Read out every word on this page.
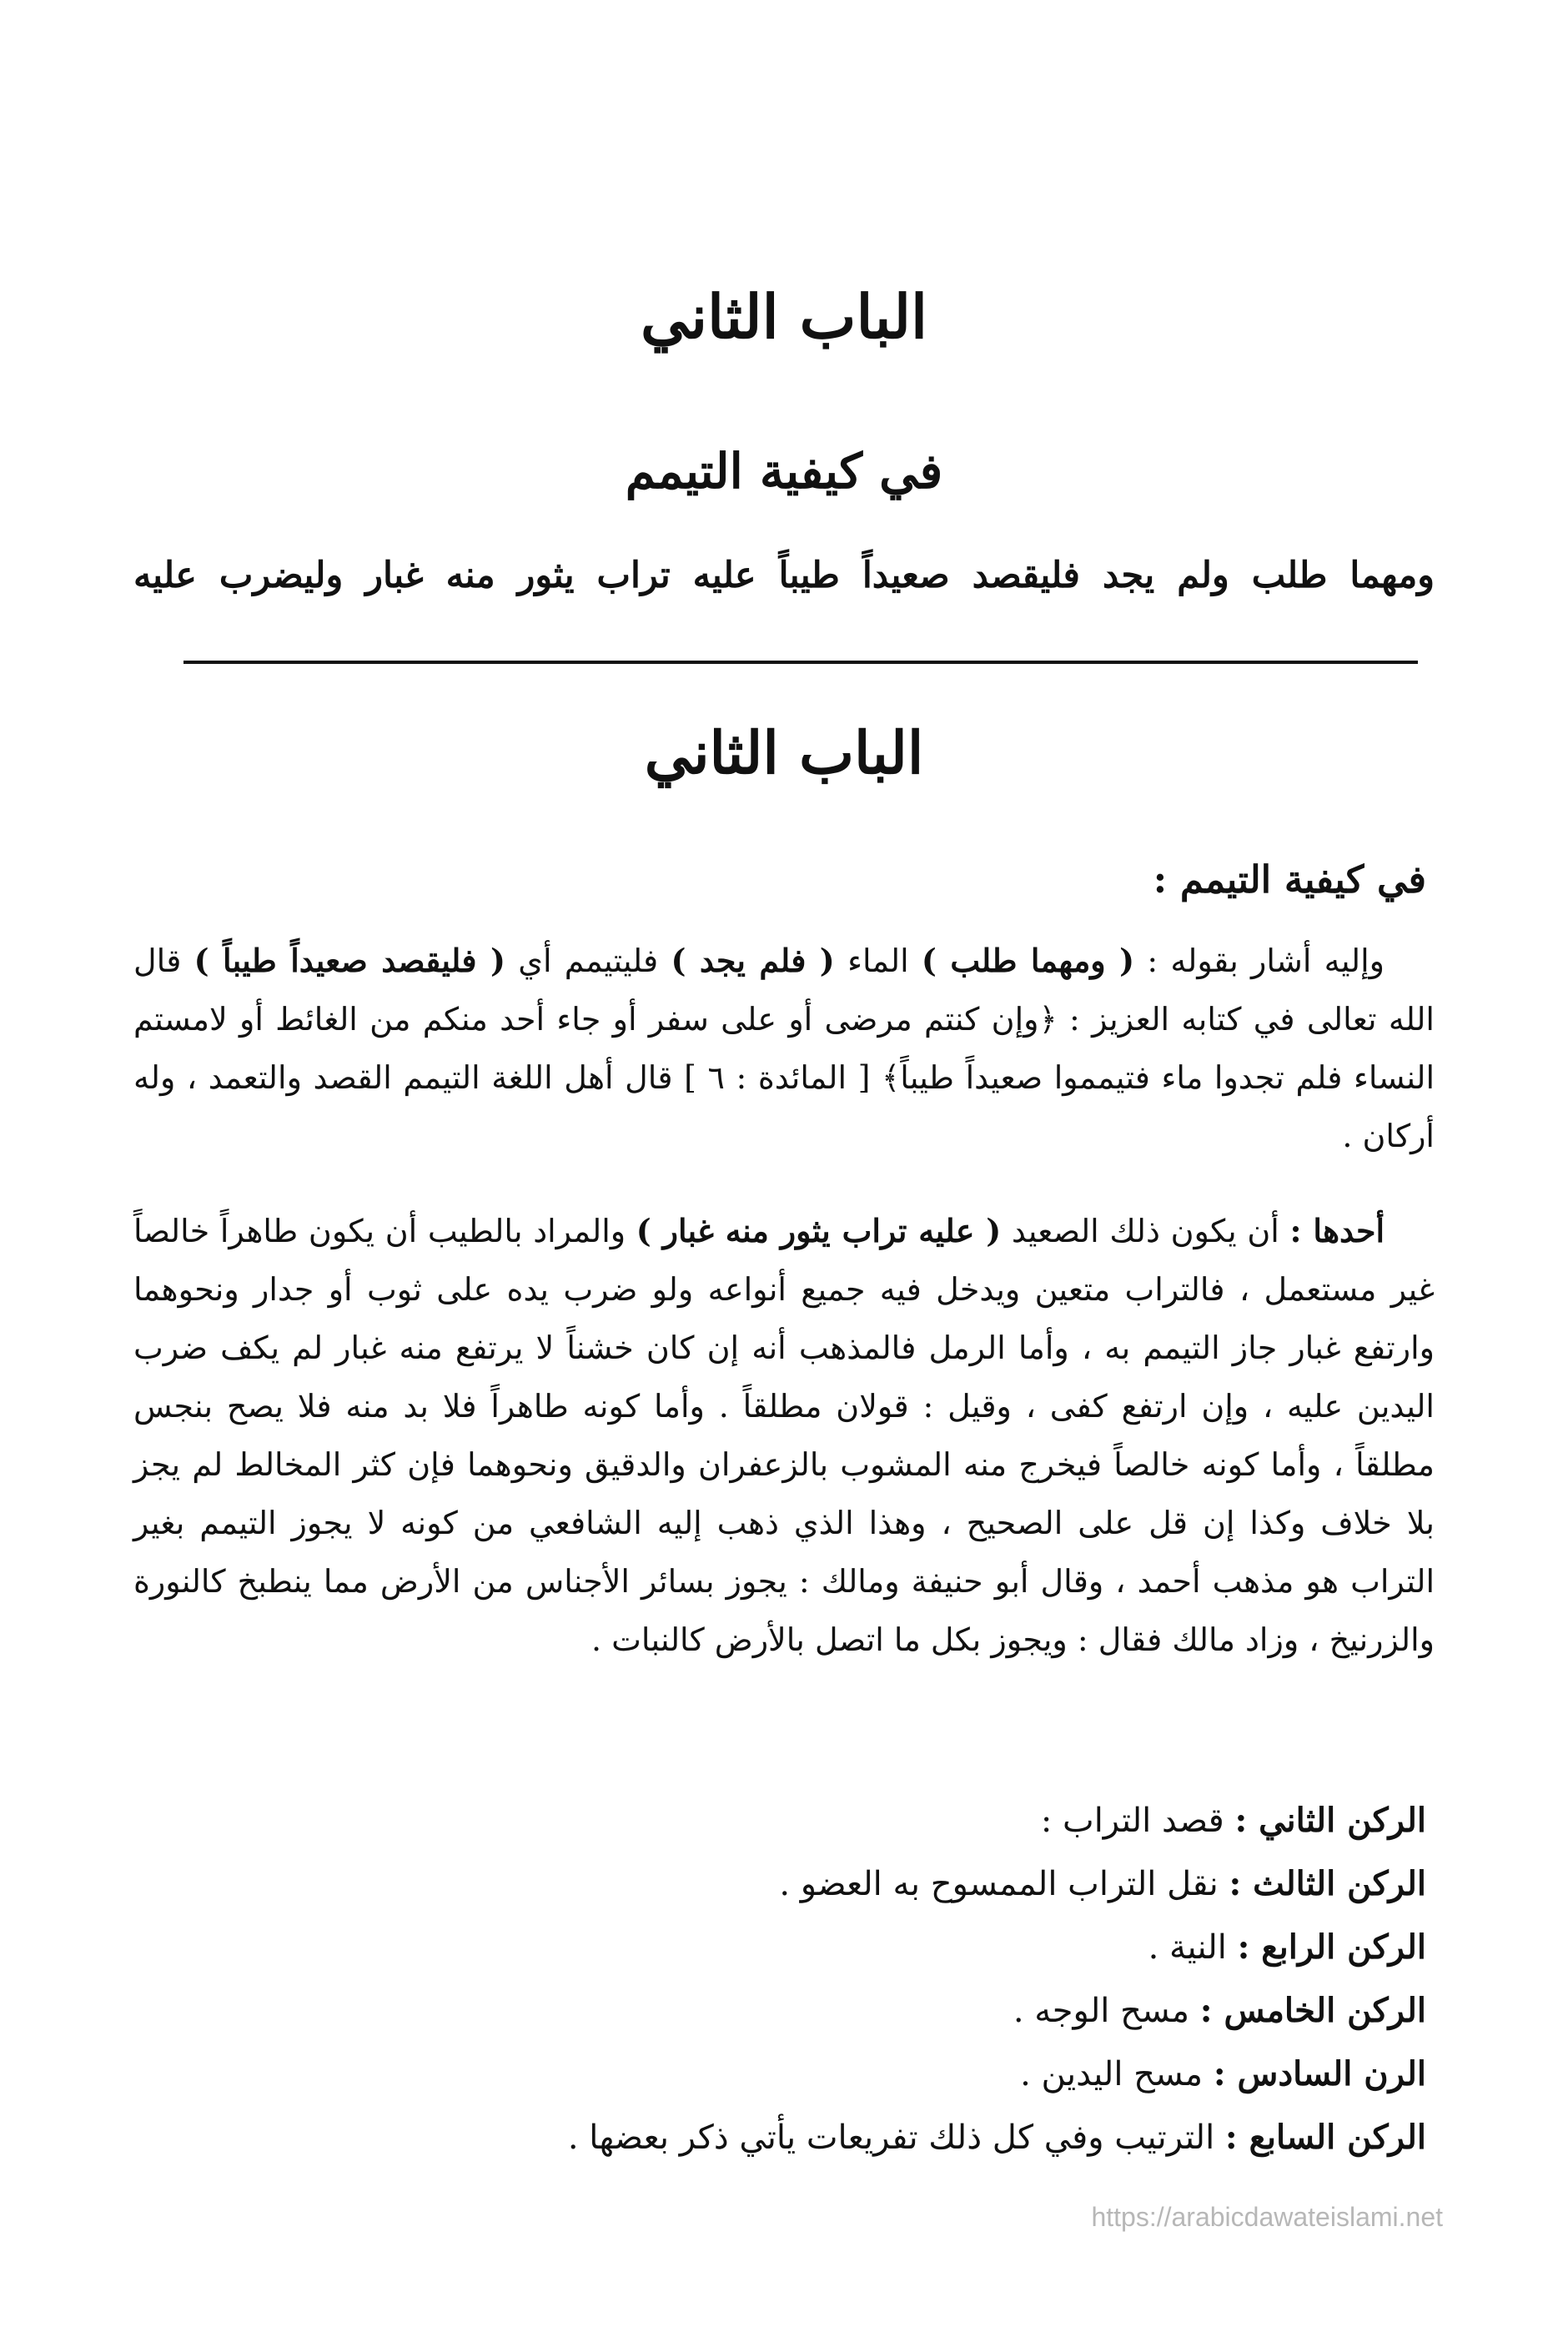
الباب الثاني
في كيفية التيمم
ومهما طلب ولم يجد فليقصد صعيداً طيباً عليه تراب يثور منه غبار وليضرب عليه
الباب الثاني
في كيفية التيمم :
وإليه أشار بقوله : ( ومهما طلب ) الماء ( فلم يجد ) فليتيمم أي ( فليقصد صعيداً طيباً ) قال الله تعالى في كتابه العزيز : ﴿وإن كنتم مرضى أو على سفر أو جاء أحد منكم من الغائط أو لامستم النساء فلم تجدوا ماء فتيمموا صعيداً طيباً﴾ [ المائدة : ٦ ] قال أهل اللغة التيمم القصد والتعمد ، وله أركان .
أحدها : أن يكون ذلك الصعيد ( عليه تراب يثور منه غبار ) والمراد بالطيب أن يكون طاهراً خالصاً غير مستعمل ، فالتراب متعين ويدخل فيه جميع أنواعه ولو ضرب يده على ثوب أو جدار ونحوهما وارتفع غبار جاز التيمم به ، وأما الرمل فالمذهب أنه إن كان خشناً لا يرتفع منه غبار لم يكف ضرب اليدين عليه ، وإن ارتفع كفى ، وقيل : قولان مطلقاً . وأما كونه طاهراً فلا بد منه فلا يصح بنجس مطلقاً ، وأما كونه خالصاً فيخرج منه المشوب بالزعفران والدقيق ونحوهما فإن كثر المخالط لم يجز بلا خلاف وكذا إن قل على الصحيح ، وهذا الذي ذهب إليه الشافعي من كونه لا يجوز التيمم بغير التراب هو مذهب أحمد ، وقال أبو حنيفة ومالك : يجوز بسائر الأجناس من الأرض مما ينطبخ كالنورة والزرنيخ ، وزاد مالك فقال : ويجوز بكل ما اتصل بالأرض كالنبات .

الركن الثاني : قصد التراب :

الركن الثالث : نقل التراب الممسوح به العضو .

الركن الرابع : النية .

الركن الخامس : مسح الوجه .

الرن السادس : مسح اليدين .

الركن السابع : الترتيب وفي كل ذلك تفريعات يأتي ذكر بعضها .

https://arabicdawateislami.net
